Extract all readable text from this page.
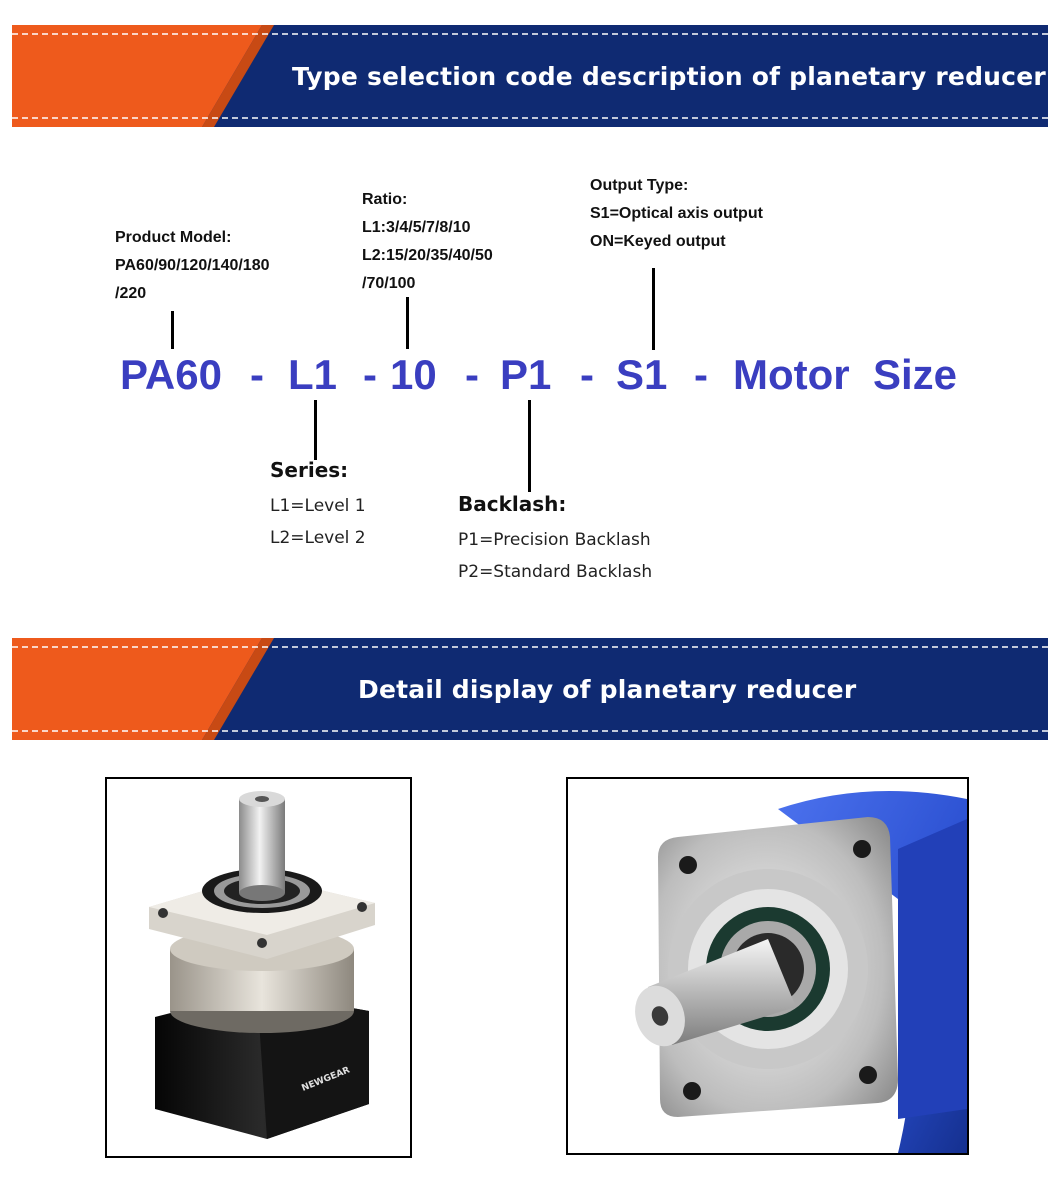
Type selection code description of planetary reducer
Product Model:
PA60/90/120/140/180
/220
Ratio:
L1:3/4/5/7/8/10
L2:15/20/35/40/50
/70/100
Output Type:
S1=Optical axis output
ON=Keyed output
PA60 - L1 - 10 - P1 - S1 - Motor  Size
Series:
L1=Level 1
L2=Level 2
Backlash:
P1=Precision Backlash
P2=Standard Backlash
Detail display of planetary reducer
NEWGEAR
